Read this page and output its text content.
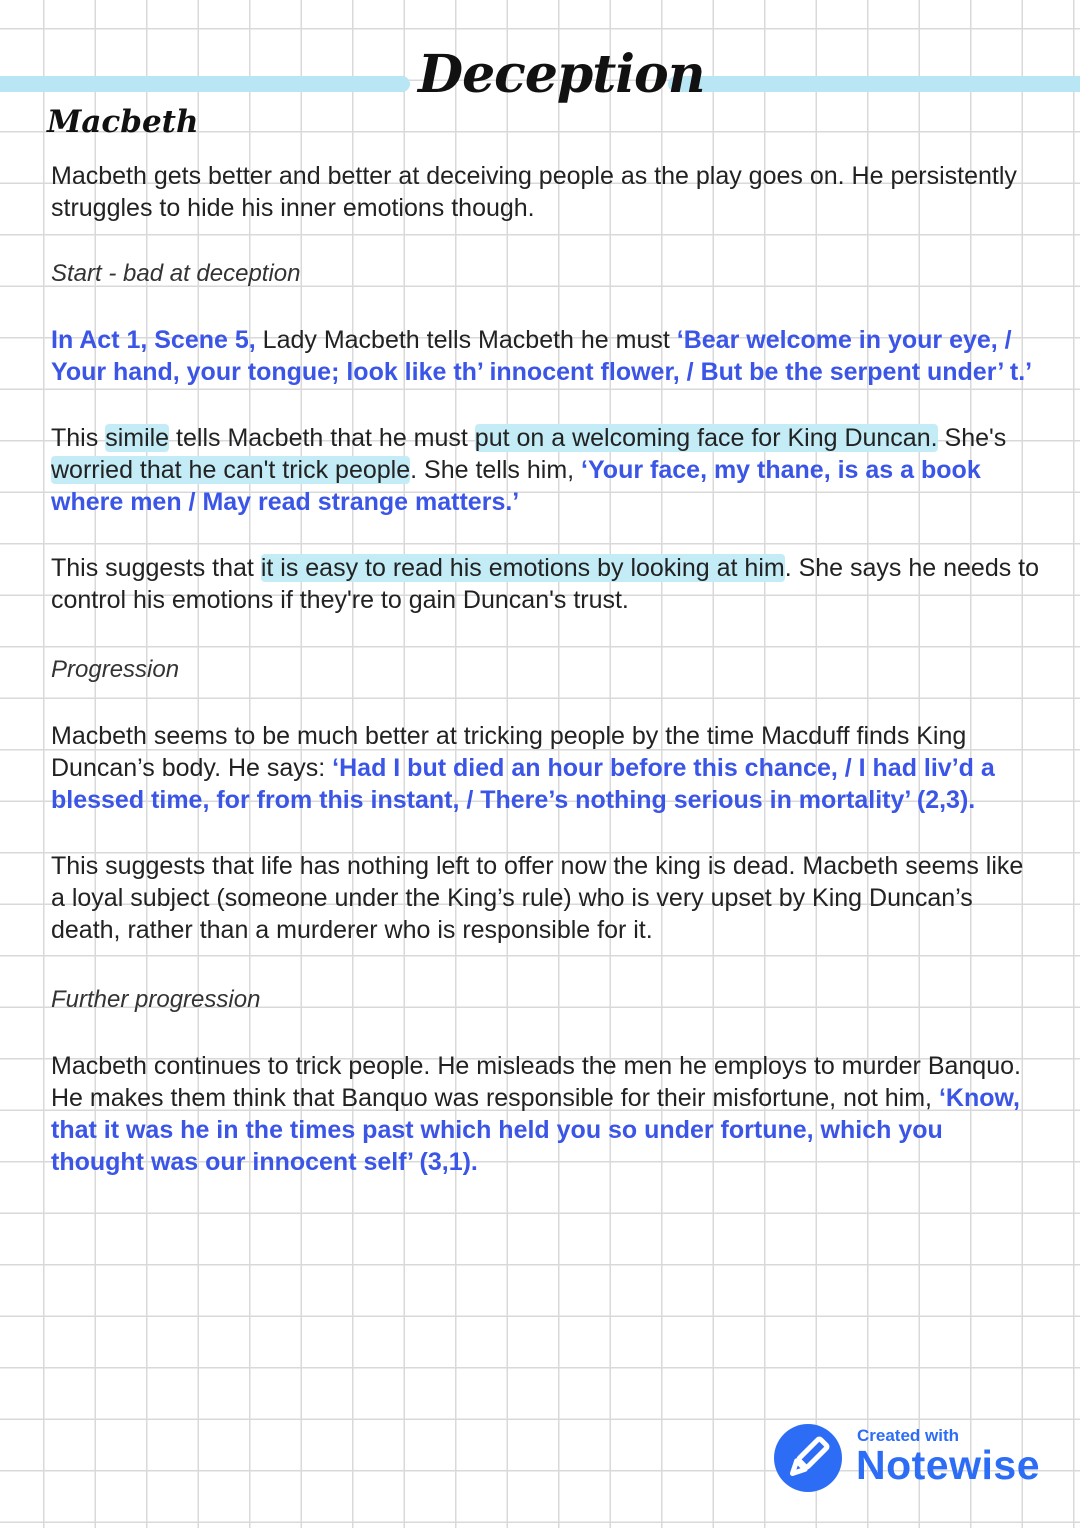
Deception
Macbeth

Macbeth gets better and better at deceiving people as the play goes on. He persistently struggles to hide his inner emotions though.

Start - bad at deception

In Act 1, Scene 5, Lady Macbeth tells Macbeth he must ‘Bear welcome in your eye, / Your hand, your tongue; look like th’ innocent flower, / But be the serpent under’ t.’

This simile tells Macbeth that he must put on a welcoming face for King Duncan. She's worried that he can't trick people. She tells him, ‘Your face, my thane, is as a book where men / May read strange matters.’

This suggests that it is easy to read his emotions by looking at him. She says he needs to control his emotions if they're to gain Duncan's trust.

Progression

Macbeth seems to be much better at tricking people by the time Macduff finds King Duncan’s body. He says: ‘Had I but died an hour before this chance, / I had liv’d a blessed time, for from this instant, / There’s nothing serious in mortality’ (2,3).

This suggests that life has nothing left to offer now the king is dead. Macbeth seems like a loyal subject (someone under the King’s rule) who is very upset by King Duncan’s death, rather than a murderer who is responsible for it.

Further progression

Macbeth continues to trick people. He misleads the men he employs to murder Banquo. He makes them think that Banquo was responsible for their misfortune, not him, ‘Know, that it was he in the times past which held you so under fortune, which you thought was our innocent self’ (3,1).

Created with
Notewise
